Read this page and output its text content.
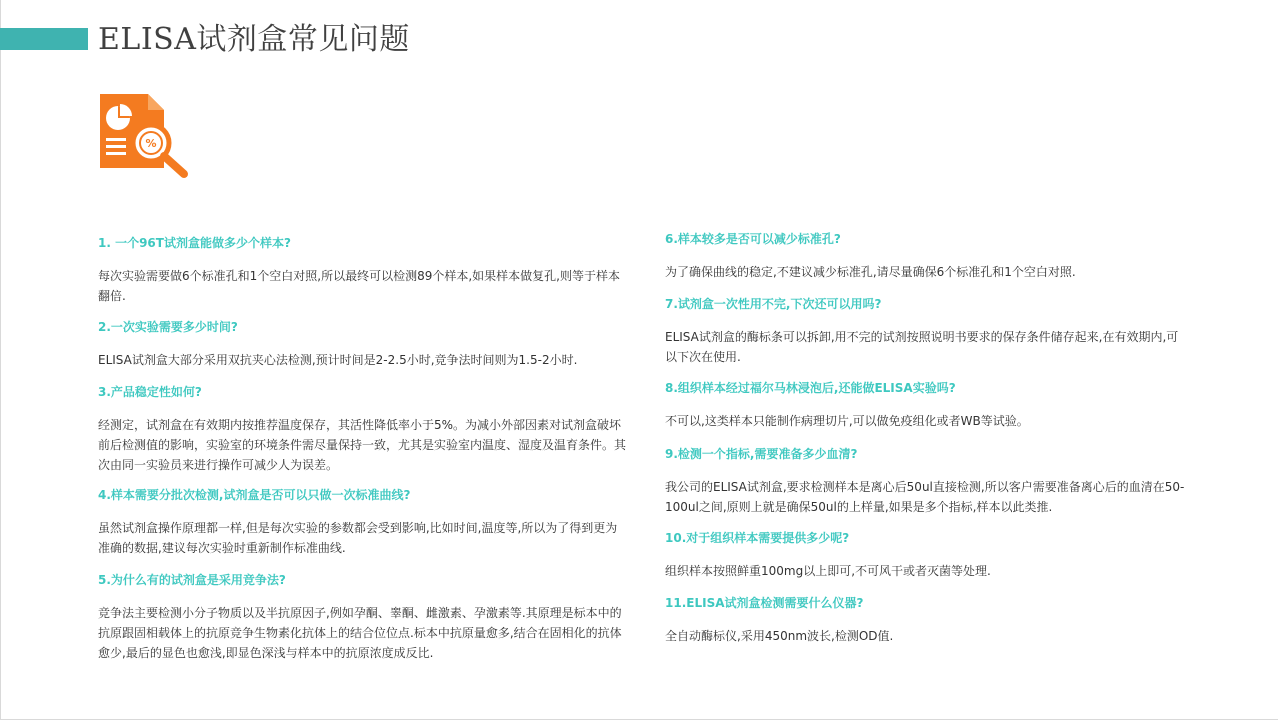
ELISA试剂盒常见问题
%
1. 一个96T试剂盒能做多少个样本?
每次实验需要做6个标准孔和1个空白对照,所以最终可以检测89个样本,如果样本做复孔,则等于样本翻倍.
2.一次实验需要多少时间?
ELISA试剂盒大部分采用双抗夹心法检测,预计时间是2-2.5小时,竞争法时间则为1.5-2小时.
3.产品稳定性如何?
经测定，试剂盒在有效期内按推荐温度保存，其活性降低率小于5%。为减小外部因素对试剂盒破坏前后检测值的影响，实验室的环境条件需尽量保持一致，尤其是实验室内温度、湿度及温育条件。其次由同一实验员来进行操作可减少人为误差。
4.样本需要分批次检测,试剂盒是否可以只做一次标准曲线?
虽然试剂盒操作原理都一样,但是每次实验的参数都会受到影响,比如时间,温度等,所以为了得到更为准确的数据,建议每次实验时重新制作标准曲线.
5.为什么有的试剂盒是采用竞争法?
竞争法主要检测小分子物质以及半抗原因子,例如孕酮、睾酮、雌激素、孕激素等.其原理是标本中的抗原跟固相载体上的抗原竞争生物素化抗体上的结合位位点.标本中抗原量愈多,结合在固相化的抗体愈少,最后的显色也愈浅,即显色深浅与样本中的抗原浓度成反比.
6.样本较多是否可以减少标准孔?
为了确保曲线的稳定,不建议减少标准孔,请尽量确保6个标准孔和1个空白对照.
7.试剂盒一次性用不完,下次还可以用吗?
ELISA试剂盒的酶标条可以拆卸,用不完的试剂按照说明书要求的保存条件储存起来,在有效期内,可以下次在使用.
8.组织样本经过福尔马林浸泡后,还能做ELISA实验吗?
不可以,这类样本只能制作病理切片,可以做免疫组化或者WB等试验。
9.检测一个指标,需要准备多少血清?
我公司的ELISA试剂盒,要求检测样本是离心后50ul直接检测,所以客户需要准备离心后的血清在50-100ul之间,原则上就是确保50ul的上样量,如果是多个指标,样本以此类推.
10.对于组织样本需要提供多少呢?
组织样本按照鲜重100mg以上即可,不可风干或者灭菌等处理.
11.ELISA试剂盒检测需要什么仪器?
全自动酶标仪,采用450nm波长,检测OD值.
